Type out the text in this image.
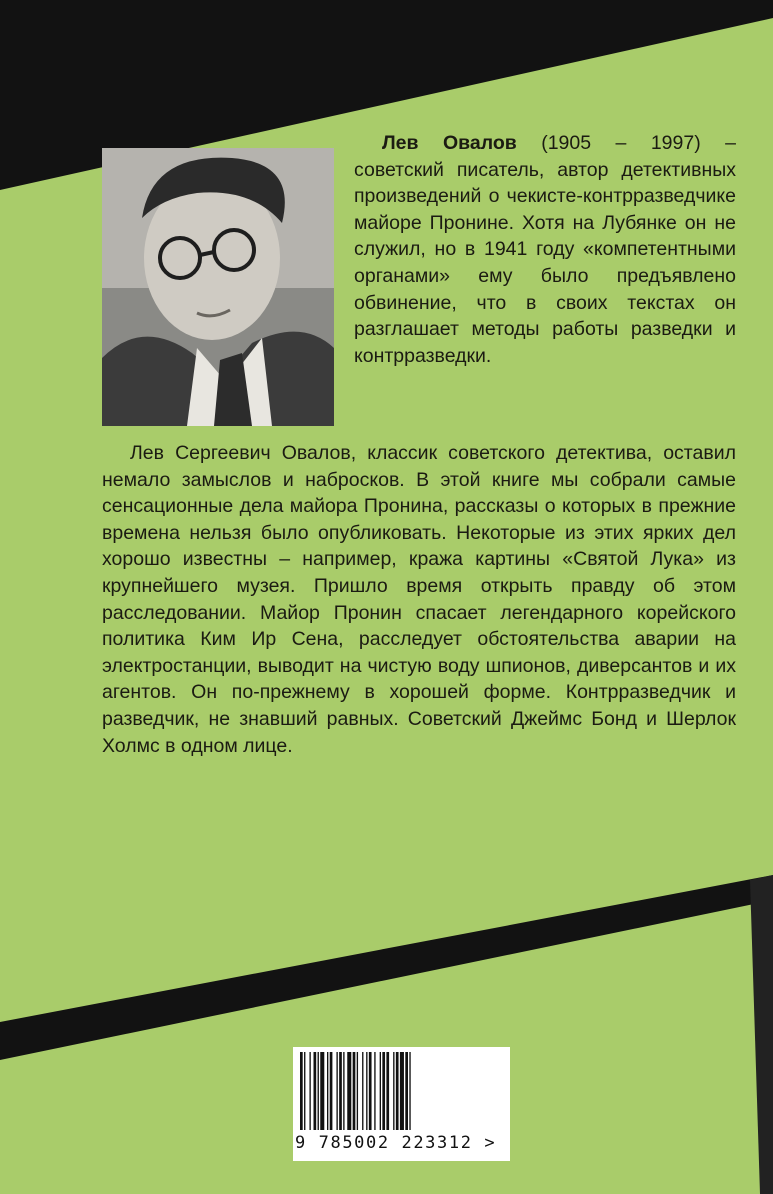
Лев Овалов (1905 – 1997) – советский писатель, автор детективных произведений о чекисте-контрразведчике майоре Пронине. Хотя на Лубянке он не служил, но в 1941 году «компетентными органами» ему было предъявлено обвинение, что в своих текстах он разглашает методы работы разведки и контрразведки.

Лев Сергеевич Овалов, классик советского детектива, оставил немало замыслов и набросков. В этой книге мы собрали самые сенсационные дела майора Пронина, рассказы о которых в прежние времена нельзя было опубликовать. Некоторые из этих ярких дел хорошо известны – например, кража картины «Святой Лука» из крупнейшего музея. Пришло время открыть правду об этом расследовании. Майор Пронин спасает легендарного корейского политика Ким Ир Сена, расследует обстоятельства аварии на электростанции, выводит на чистую воду шпионов, диверсантов и их агентов. Он по-прежнему в хорошей форме. Контрразведчик и разведчик, не знавший равных. Советский Джеймс Бонд и Шерлок Холмс в одном лице.

9 785002 223312 >
